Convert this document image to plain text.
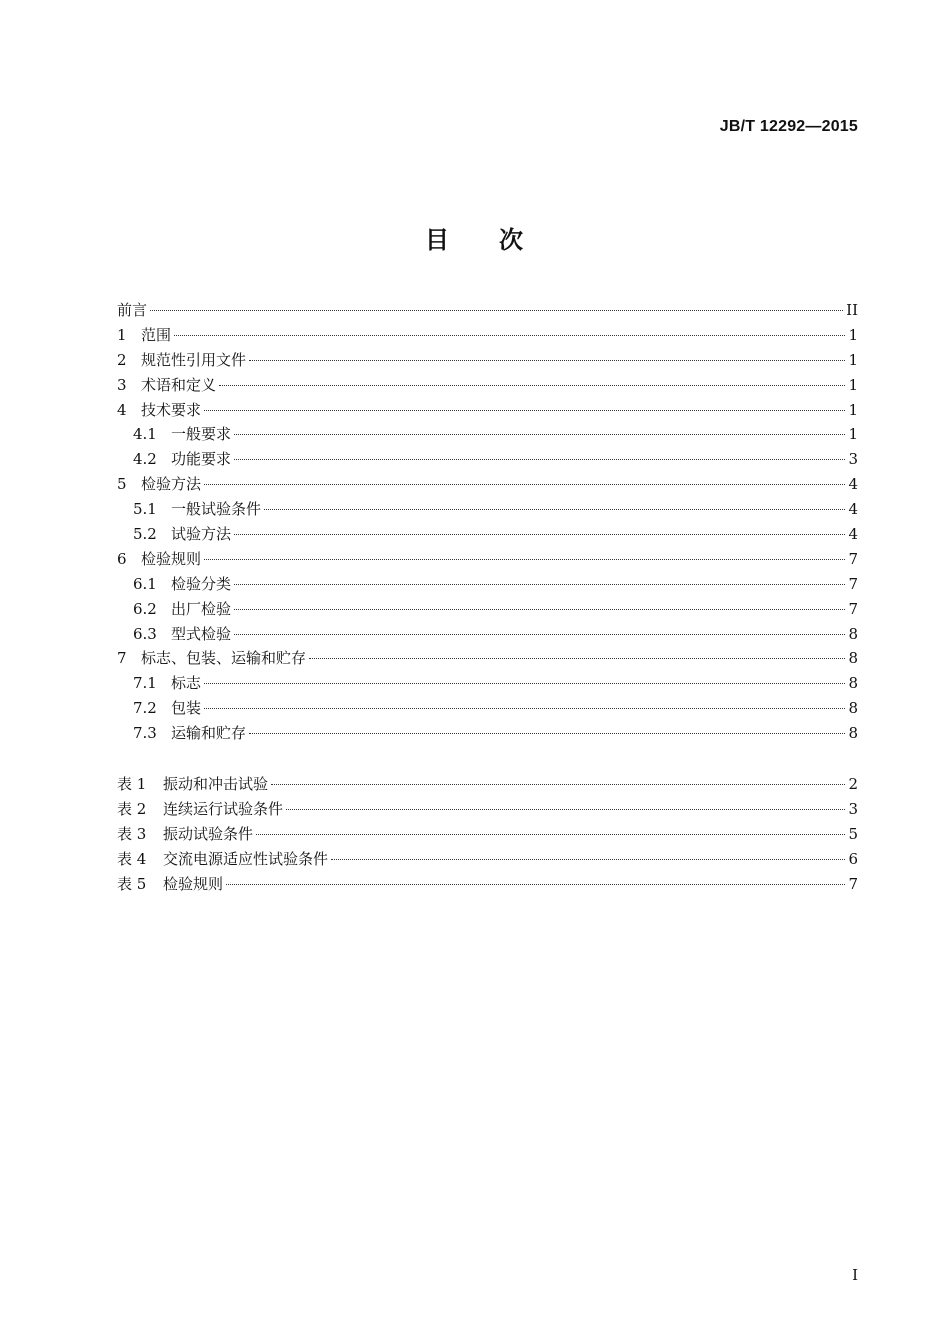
JB/T 12292—2015
目 次
前言	II
1 范围	1
2 规范性引用文件	1
3 术语和定义	1
4 技术要求	1
4.1 一般要求	1
4.2 功能要求	3
5 检验方法	4
5.1 一般试验条件	4
5.2 试验方法	4
6 检验规则	7
6.1 检验分类	7
6.2 出厂检验	7
6.3 型式检验	8
7 标志、包装、运输和贮存	8
7.1 标志	8
7.2 包装	8
7.3 运输和贮存	8
表 1	振动和冲击试验	2
表 2	连续运行试验条件	3
表 3	振动试验条件	5
表 4	交流电源适应性试验条件	6
表 5	检验规则	7
I
